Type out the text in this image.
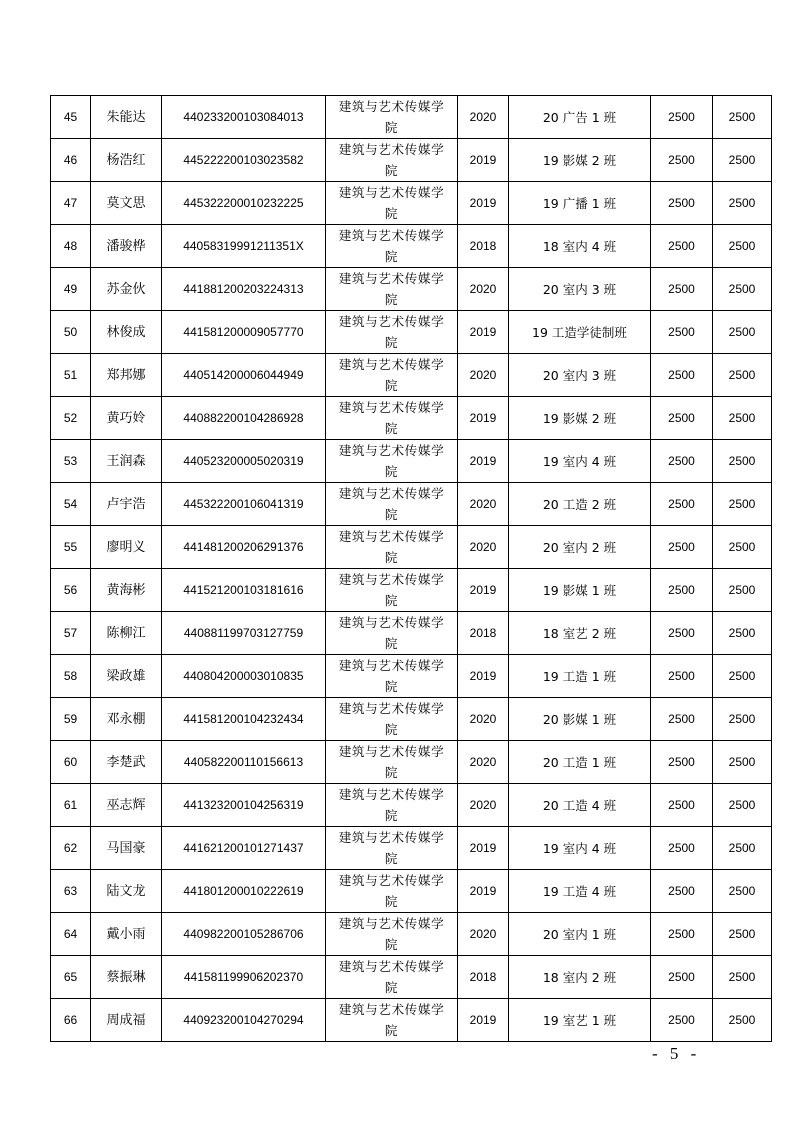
45	朱能达	440233200103084013	建筑与艺术传媒学院	2020	20 广告 1 班	2500	2500
46	杨浩红	445222200103023582	建筑与艺术传媒学院	2019	19 影媒 2 班	2500	2500
47	莫文思	445322200010232225	建筑与艺术传媒学院	2019	19 广播 1 班	2500	2500
48	潘骏桦	44058319991211351X	建筑与艺术传媒学院	2018	18 室内 4 班	2500	2500
49	苏金伙	441881200203224313	建筑与艺术传媒学院	2020	20 室内 3 班	2500	2500
50	林俊成	441581200009057770	建筑与艺术传媒学院	2019	19 工造学徒制班	2500	2500
51	郑邦娜	440514200006044949	建筑与艺术传媒学院	2020	20 室内 3 班	2500	2500
52	黄巧姈	440882200104286928	建筑与艺术传媒学院	2019	19 影媒 2 班	2500	2500
53	王润森	440523200005020319	建筑与艺术传媒学院	2019	19 室内 4 班	2500	2500
54	卢宇浩	445322200106041319	建筑与艺术传媒学院	2020	20 工造 2 班	2500	2500
55	廖明义	441481200206291376	建筑与艺术传媒学院	2020	20 室内 2 班	2500	2500
56	黄海彬	441521200103181616	建筑与艺术传媒学院	2019	19 影媒 1 班	2500	2500
57	陈柳江	440881199703127759	建筑与艺术传媒学院	2018	18 室艺 2 班	2500	2500
58	梁政雄	440804200003010835	建筑与艺术传媒学院	2019	19 工造 1 班	2500	2500
59	邓永棚	441581200104232434	建筑与艺术传媒学院	2020	20 影媒 1 班	2500	2500
60	李楚武	440582200110156613	建筑与艺术传媒学院	2020	20 工造 1 班	2500	2500
61	巫志辉	441323200104256319	建筑与艺术传媒学院	2020	20 工造 4 班	2500	2500
62	马国豪	441621200101271437	建筑与艺术传媒学院	2019	19 室内 4 班	2500	2500
63	陆文龙	441801200010222619	建筑与艺术传媒学院	2019	19 工造 4 班	2500	2500
64	戴小雨	440982200105286706	建筑与艺术传媒学院	2020	20 室内 1 班	2500	2500
65	蔡振琳	441581199906202370	建筑与艺术传媒学院	2018	18 室内 2 班	2500	2500
66	周成福	440923200104270294	建筑与艺术传媒学院	2019	19 室艺 1 班	2500	2500
- 5 -
